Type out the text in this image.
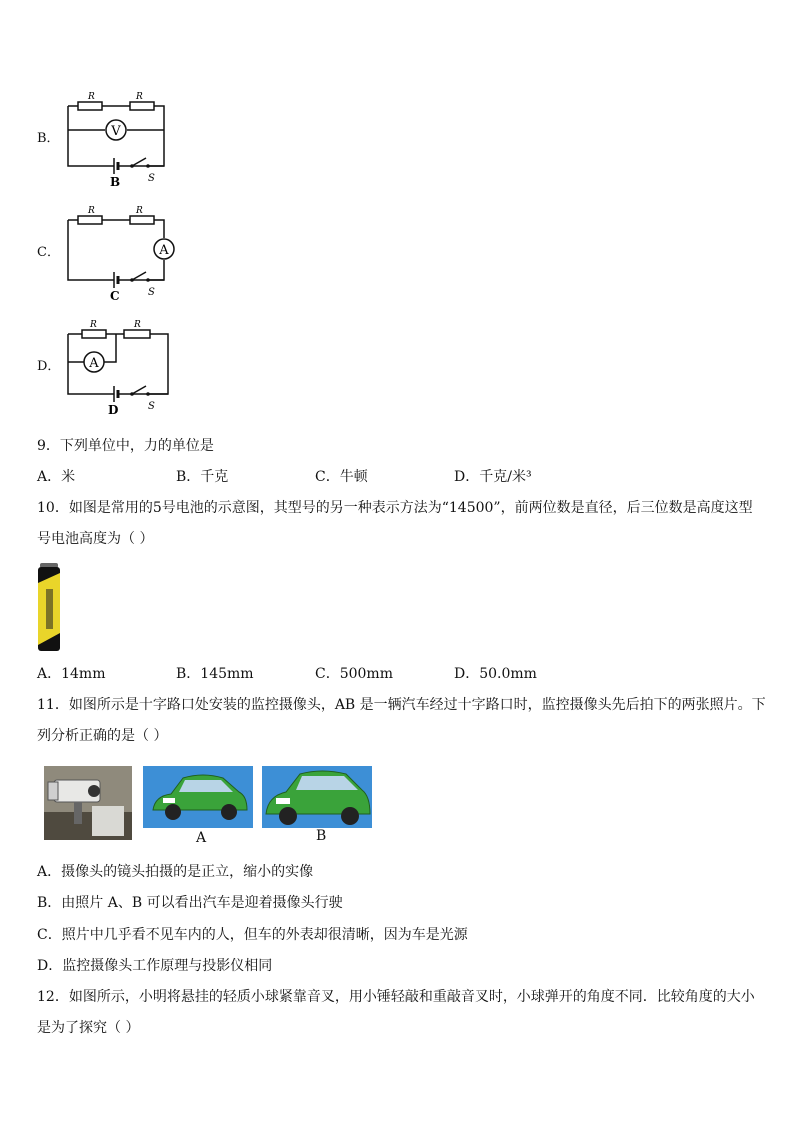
B．	V
R	R
S
B
C．	A
R	R
S
C
D． A
R	R
S
D
9．下列单位中，力的单位是
A．米	B．千克	C．牛顿	D．千克/米³
10．如图是常用的5号电池的示意图，其型号的另一种表示方法为“14500”，前两位数是直径，后三位数是高度这型
号电池高度为（ ）
A．14mm	B．145mm	C．500mm	D．50.0mm
11．如图所示是十字路口处安装的监控摄像头，AB 是一辆汽车经过十字路口时，监控摄像头先后拍下的两张照片。下
列分析正确的是（ ）
A	B
A．摄像头的镜头拍摄的是正立，缩小的实像
B．由照片 A、B 可以看出汽车是迎着摄像头行驶
C．照片中几乎看不见车内的人，但车的外表却很清晰，因为车是光源
D．监控摄像头工作原理与投影仪相同
12．如图所示，小明将悬挂的轻质小球紧靠音叉，用小锤轻敲和重敲音叉时，小球弹开的角度不同．比较角度的大小
是为了探究（ ）
